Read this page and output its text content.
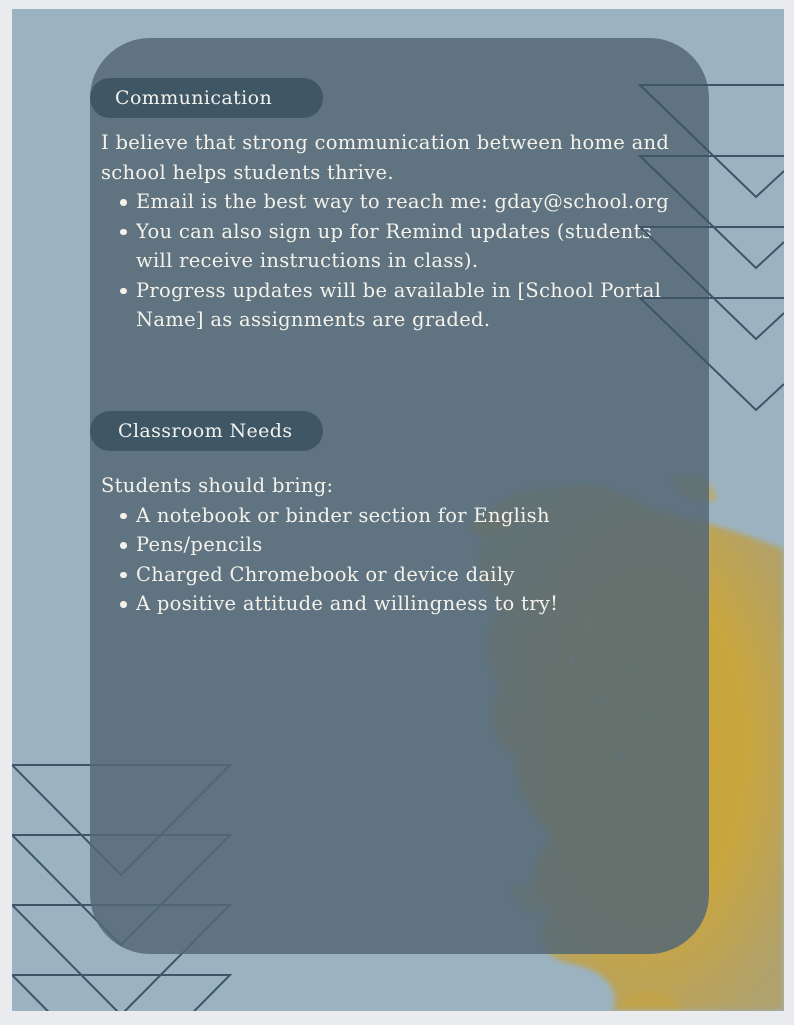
Communication

I believe that strong communication between home and school helps students thrive.

Email is the best way to reach me: gday@school.org
You can also sign up for Remind updates (students will receive instructions in class).
Progress updates will be available in [School Portal Name] as assignments are graded.
Classroom Needs

Students should bring:

A notebook or binder section for English
Pens/pencils
Charged Chromebook or device daily
A positive attitude and willingness to try!
